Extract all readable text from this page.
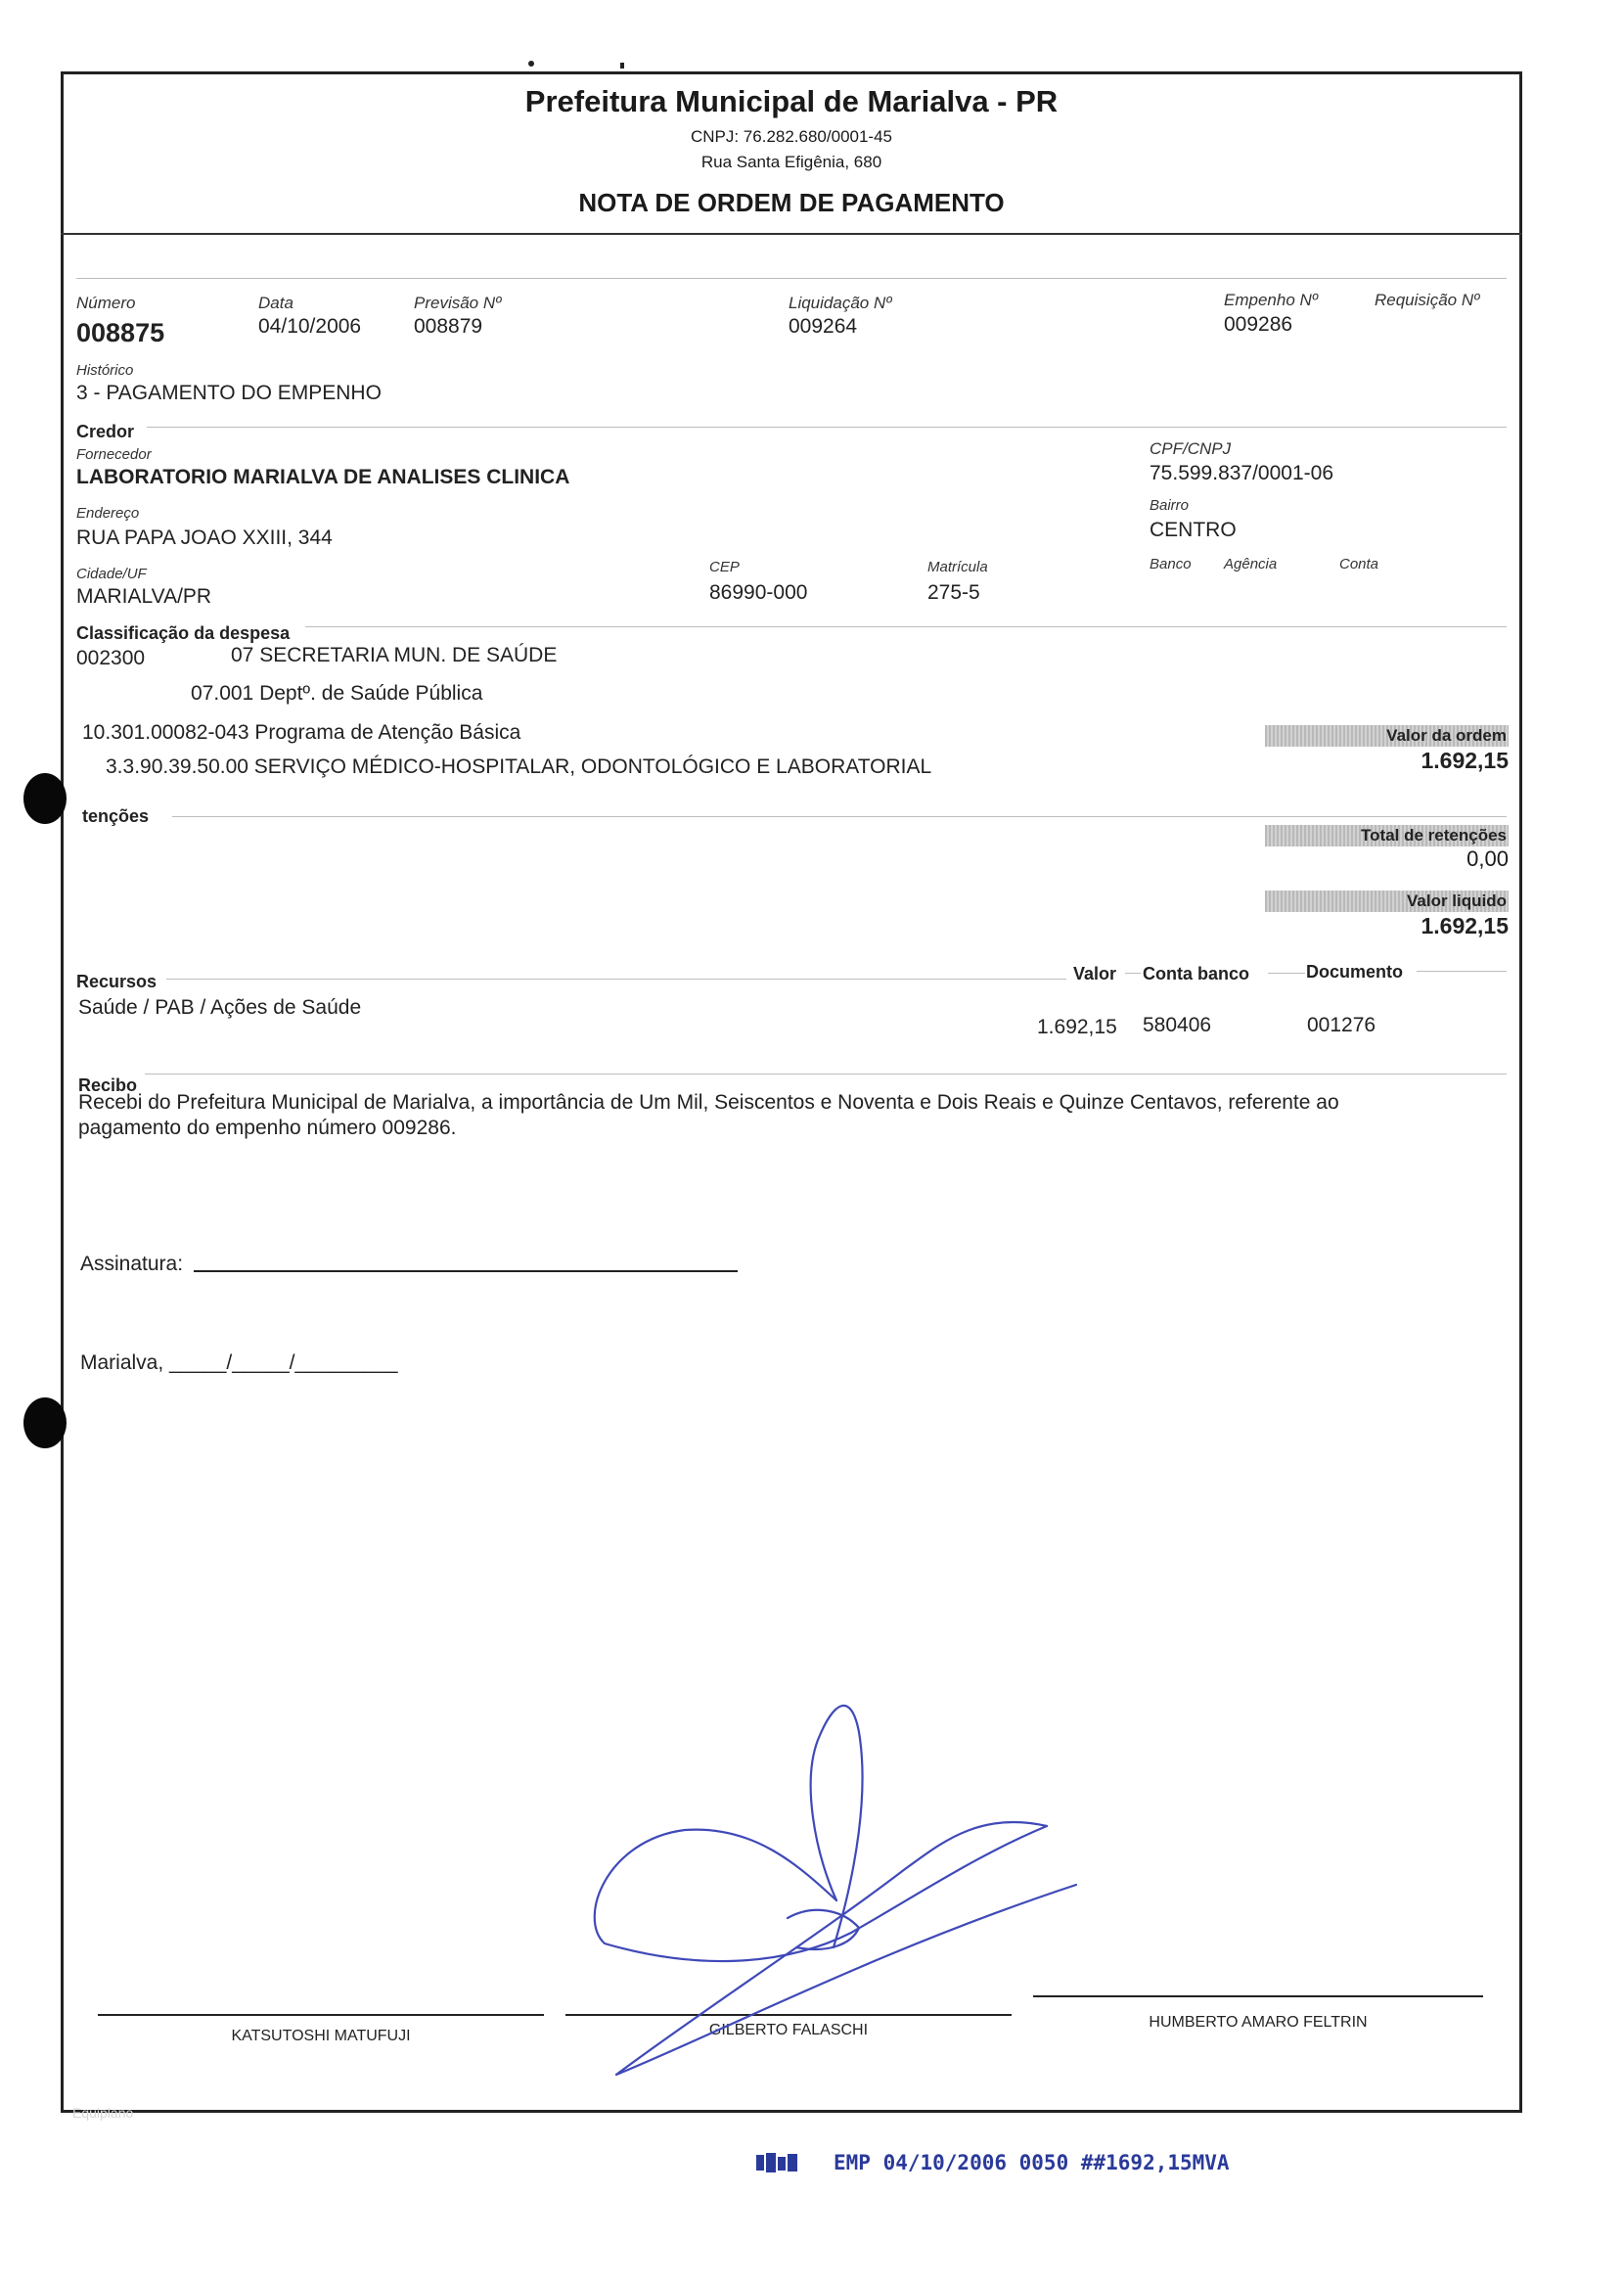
Prefeitura Municipal de Marialva - PR
CNPJ: 76.282.680/0001-45
Rua Santa Efigênia, 680
NOTA DE ORDEM DE PAGAMENTO
Número
008875
Data
04/10/2006
Previsão Nº
008879
Liquidação Nº
009264
Empenho Nº
009286
Requisição Nº
Histórico
3 - PAGAMENTO DO EMPENHO
Credor
Fornecedor
LABORATORIO MARIALVA DE ANALISES CLINICA
CPF/CNPJ
75.599.837/0001-06
Endereço
RUA PAPA JOAO XXIII, 344
Bairro
CENTRO
Cidade/UF
MARIALVA/PR
CEP
86990-000
Matrícula
275-5
Banco Agência	Conta
Classificação da despesa
002300	07 SECRETARIA MUN. DE SAÚDE
07.001 Deptº. de Saúde Pública
10.301.00082-043 Programa de Atenção Básica
3.3.90.39.50.00 SERVIÇO MÉDICO-HOSPITALAR, ODONTOLÓGICO E LABORATORIAL
Valor da ordem
1.692,15
tenções
Total de retenções
0,00
Valor liquido
1.692,15
Recursos	Valor Conta banco	Documento
Saúde / PAB / Ações de Saúde
1.692,15 580406	001276
Recibo
Recebi do Prefeitura Municipal de Marialva, a importância de Um Mil, Seiscentos e Noventa e Dois Reais e Quinze Centavos, referente ao
pagamento do empenho número 009286.
Assinatura:
Marialva, _____/_____/_________
KATSUTOSHI MATUFUJI	GILBERTO FALASCHI	HUMBERTO AMARO FELTRIN
Equiplano
EMP 04/10/2006 0050 ##1692,15MVA
